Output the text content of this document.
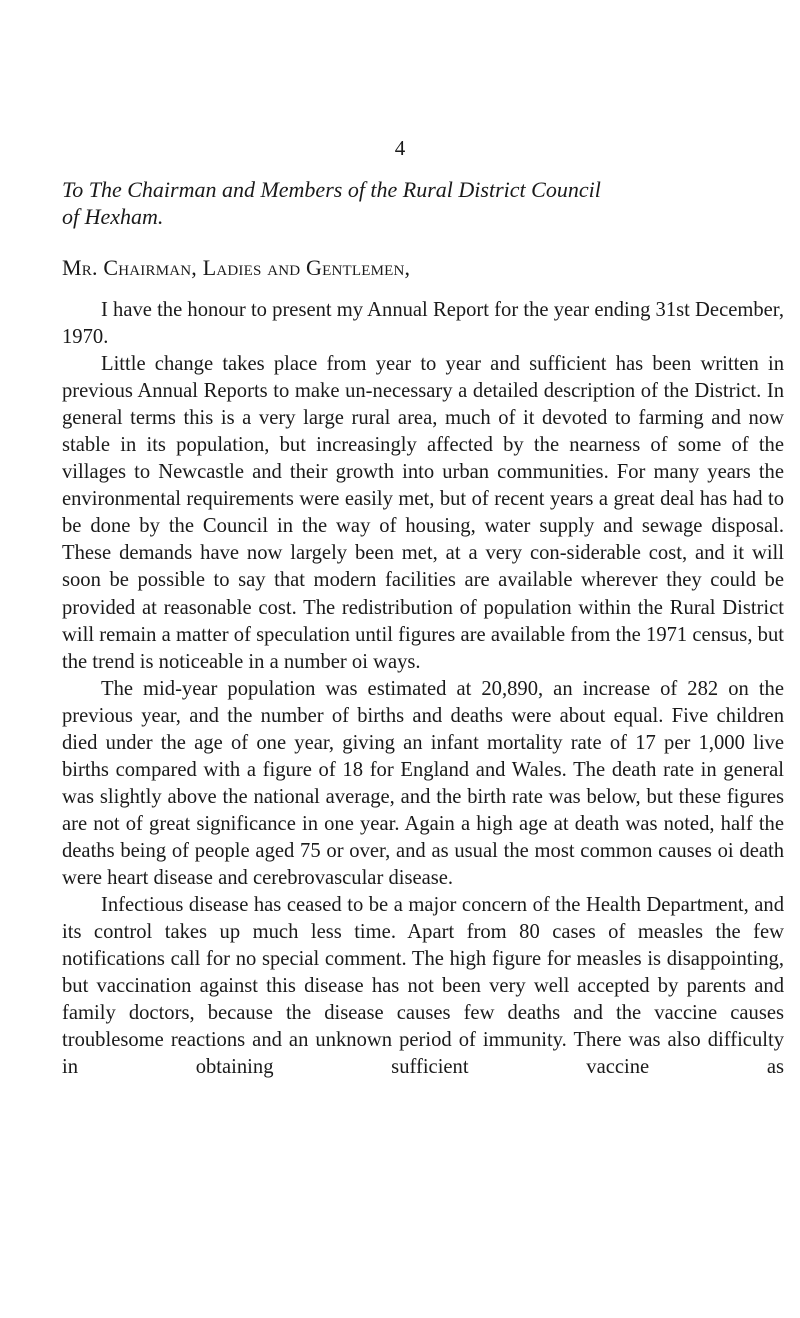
4
To The Chairman and Members of the Rural District Council
of Hexham.
Mr. Chairman, Ladies and Gentlemen,

I have the honour to present my Annual Report for the year ending 31st December, 1970.

Little change takes place from year to year and sufficient has been written in previous Annual Reports to make un-necessary a detailed description of the District. In general terms this is a very large rural area, much of it devoted to farming and now stable in its population, but increasingly affected by the nearness of some of the villages to Newcastle and their growth into urban communities. For many years the environmental requirements were easily met, but of recent years a great deal has had to be done by the Council in the way of housing, water supply and sewage disposal. These demands have now largely been met, at a very con-siderable cost, and it will soon be possible to say that modern facilities are available wherever they could be provided at reasonable cost. The redistribution of population within the Rural District will remain a matter of speculation until figures are available from the 1971 census, but the trend is noticeable in a number oi ways.

The mid-year population was estimated at 20,890, an increase of 282 on the previous year, and the number of births and deaths were about equal. Five children died under the age of one year, giving an infant mortality rate of 17 per 1,000 live births compared with a figure of 18 for England and Wales. The death rate in general was slightly above the national average, and the birth rate was below, but these figures are not of great significance in one year. Again a high age at death was noted, half the deaths being of people aged 75 or over, and as usual the most common causes oi death were heart disease and cerebrovascular disease.

Infectious disease has ceased to be a major concern of the Health Department, and its control takes up much less time. Apart from 80 cases of measles the few notifications call for no special comment. The high figure for measles is disappointing, but vaccination against this disease has not been very well accepted by parents and family doctors, because the disease causes few deaths and the vaccine causes troublesome reactions and an unknown period of immunity. There was also difficulty in obtaining sufficient vaccine as
